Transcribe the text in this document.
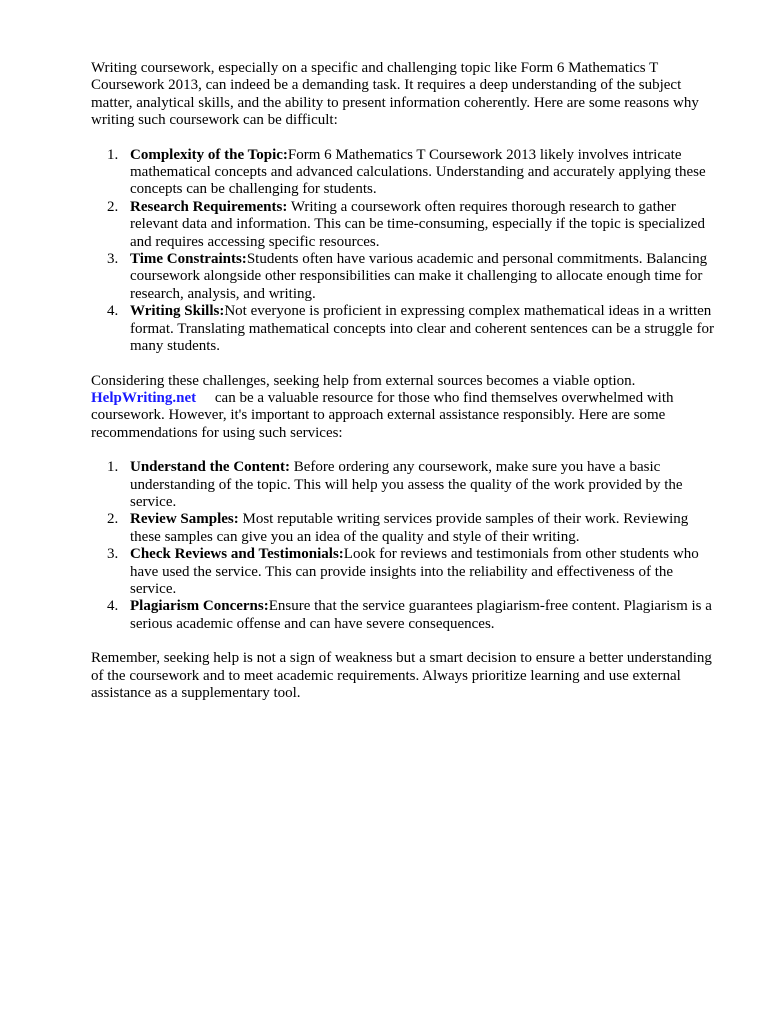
Writing coursework, especially on a specific and challenging topic like Form 6 Mathematics T Coursework 2013, can indeed be a demanding task. It requires a deep understanding of the subject matter, analytical skills, and the ability to present information coherently. Here are some reasons why writing such coursework can be difficult:

1. Complexity of the Topic:Form 6 Mathematics T Coursework 2013 likely involves intricate mathematical concepts and advanced calculations. Understanding and accurately applying these concepts can be challenging for students.
2. Research Requirements: Writing a coursework often requires thorough research to gather relevant data and information. This can be time-consuming, especially if the topic is specialized and requires accessing specific resources.
3. Time Constraints:Students often have various academic and personal commitments. Balancing coursework alongside other responsibilities can make it challenging to allocate enough time for research, analysis, and writing.
4. Writing Skills:Not everyone is proficient in expressing complex mathematical ideas in a written format. Translating mathematical concepts into clear and coherent sentences can be a struggle for many students.

Considering these challenges, seeking help from external sources becomes a viable option. HelpWriting.net can be a valuable resource for those who find themselves overwhelmed with coursework. However, it's important to approach external assistance responsibly. Here are some recommendations for using such services:

1. Understand the Content: Before ordering any coursework, make sure you have a basic understanding of the topic. This will help you assess the quality of the work provided by the service.
2. Review Samples: Most reputable writing services provide samples of their work. Reviewing these samples can give you an idea of the quality and style of their writing.
3. Check Reviews and Testimonials:Look for reviews and testimonials from other students who have used the service. This can provide insights into the reliability and effectiveness of the service.
4. Plagiarism Concerns:Ensure that the service guarantees plagiarism-free content. Plagiarism is a serious academic offense and can have severe consequences.

Remember, seeking help is not a sign of weakness but a smart decision to ensure a better understanding of the coursework and to meet academic requirements. Always prioritize learning and use external assistance as a supplementary tool.
